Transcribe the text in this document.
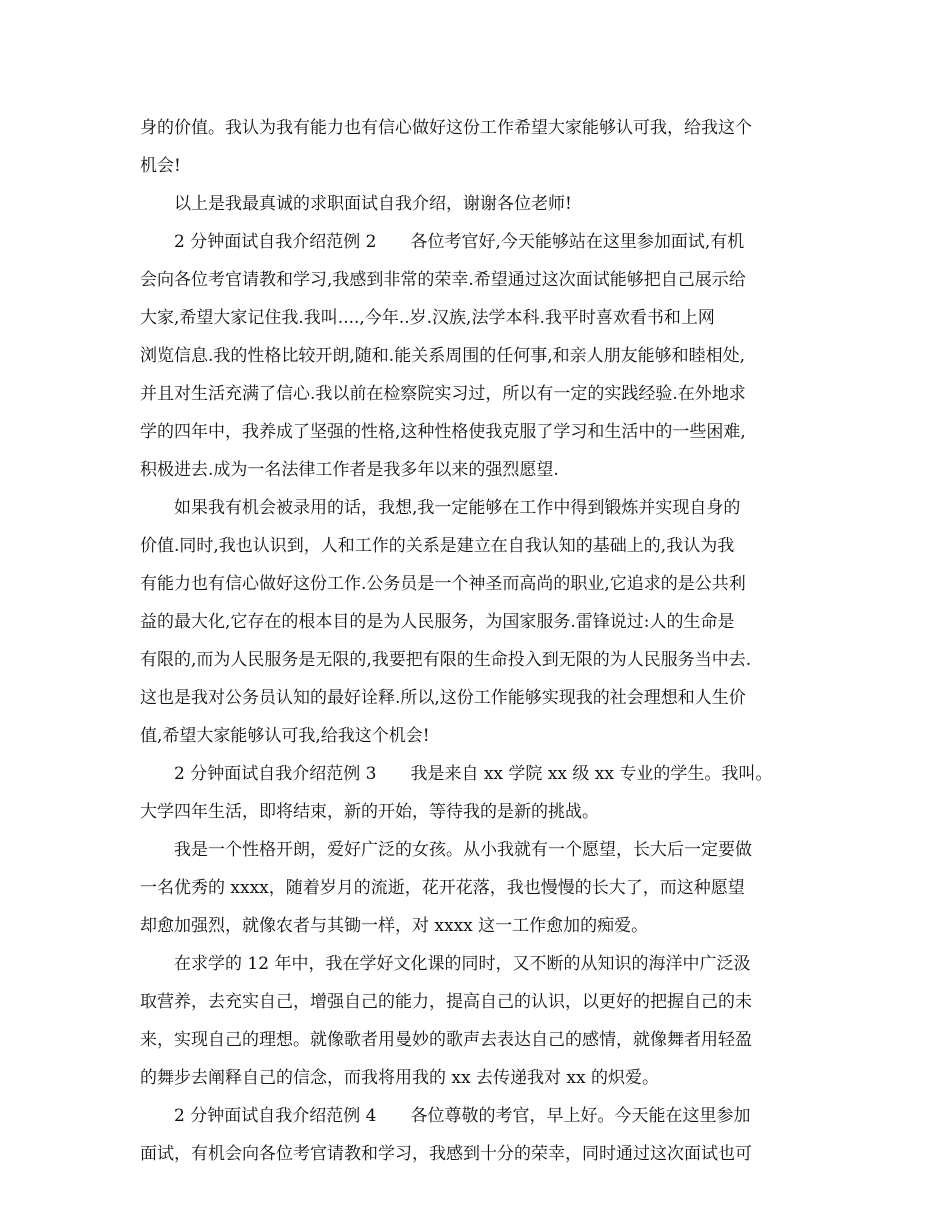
身的价值。我认为我有能力也有信心做好这份工作希望大家能够认可我，给我这个
机会!
以上是我最真诚的求职面试自我介绍，谢谢各位老师!
2 分钟面试自我介绍范例 2　　各位考官好,今天能够站在这里参加面试,有机
会向各位考官请教和学习,我感到非常的荣幸.希望通过这次面试能够把自己展示给
大家,希望大家记住我.我叫....,今年..岁.汉族,法学本科.我平时喜欢看书和上网
浏览信息.我的性格比较开朗,随和.能关系周围的任何事,和亲人朋友能够和睦相处,
并且对生活充满了信心.我以前在检察院实习过，所以有一定的实践经验.在外地求
学的四年中，我养成了坚强的性格,这种性格使我克服了学习和生活中的一些困难,
积极进去.成为一名法律工作者是我多年以来的强烈愿望.
如果我有机会被录用的话，我想,我一定能够在工作中得到锻炼并实现自身的
价值.同时,我也认识到，人和工作的关系是建立在自我认知的基础上的,我认为我
有能力也有信心做好这份工作.公务员是一个神圣而高尚的职业,它追求的是公共利
益的最大化,它存在的根本目的是为人民服务，为国家服务.雷锋说过:人的生命是
有限的,而为人民服务是无限的,我要把有限的生命投入到无限的为人民服务当中去.
这也是我对公务员认知的最好诠释.所以,这份工作能够实现我的社会理想和人生价
值,希望大家能够认可我,给我这个机会!
2 分钟面试自我介绍范例 3　　我是来自 xx 学院 xx 级 xx 专业的学生。我叫。
大学四年生活，即将结束，新的开始，等待我的是新的挑战。
我是一个性格开朗，爱好广泛的女孩。从小我就有一个愿望，长大后一定要做
一名优秀的 xxxx，随着岁月的流逝，花开花落，我也慢慢的长大了，而这种愿望
却愈加强烈，就像农者与其锄一样，对 xxxx 这一工作愈加的痴爱。
在求学的 12 年中，我在学好文化课的同时，又不断的从知识的海洋中广泛汲
取营养，去充实自己，增强自己的能力，提高自己的认识，以更好的把握自己的未
来，实现自己的理想。就像歌者用曼妙的歌声去表达自己的感情，就像舞者用轻盈
的舞步去阐释自己的信念，而我将用我的 xx 去传递我对 xx 的炽爱。
2 分钟面试自我介绍范例 4　　各位尊敬的考官，早上好。今天能在这里参加
面试，有机会向各位考官请教和学习，我感到十分的荣幸，同时通过这次面试也可
